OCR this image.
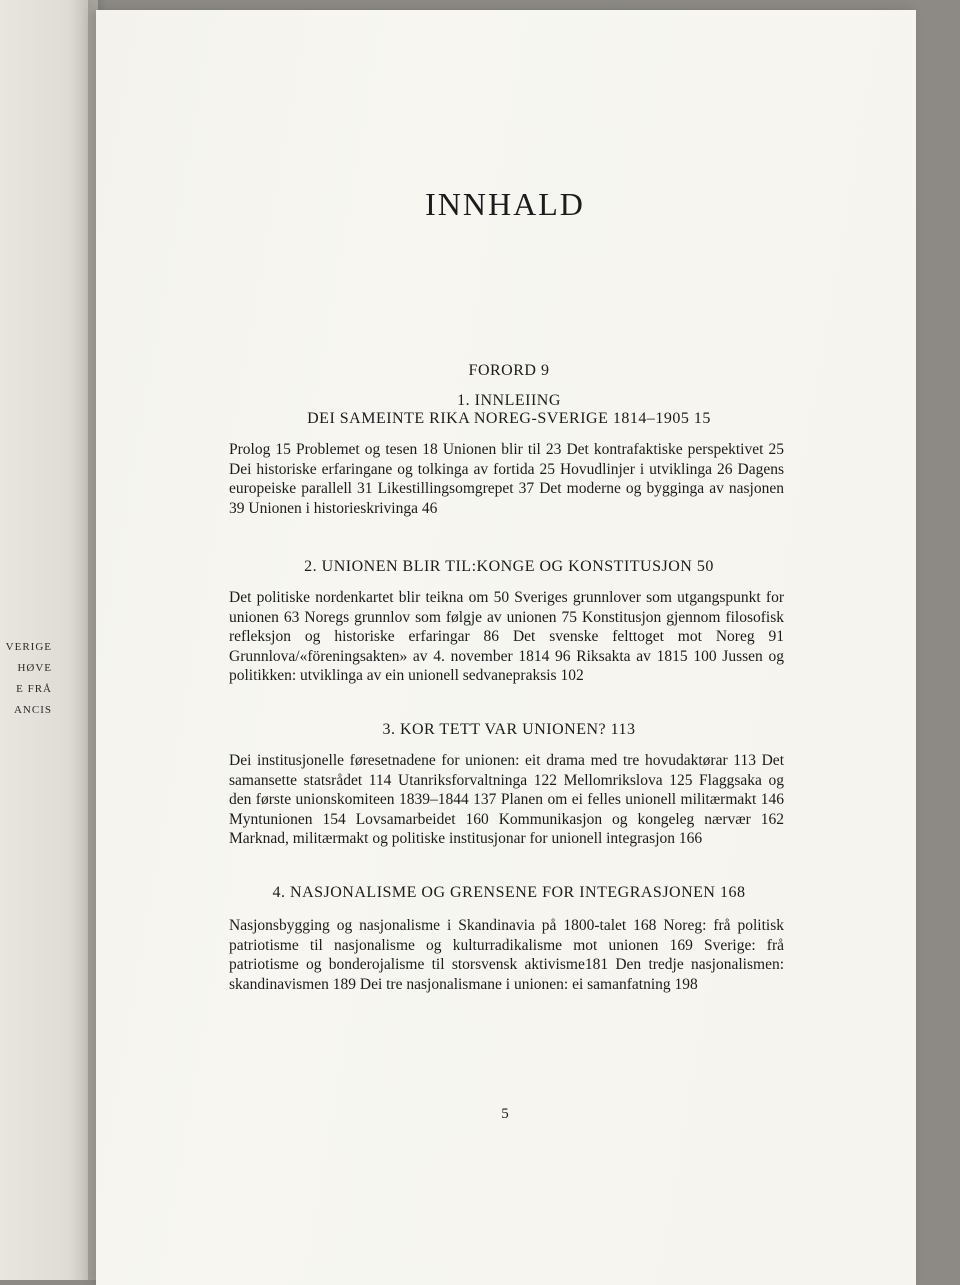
VERIGE
HØVE
E FRÅ
ANCIS
INNHALD
FORORD 9
1. INNLEIING
DEI SAMEINTE RIKA NOREG-SVERIGE 1814–1905 15

Prolog 15 Problemet og tesen 18 Unionen blir til 23 Det kontrafaktiske perspektivet 25 Dei historiske erfaringane og tolkinga av fortida 25 Hovudlinjer i utviklinga 26 Dagens europeiske parallell 31 Likestillingsomgrepet 37 Det moderne og bygginga av nasjonen 39 Unionen i historieskrivinga 46

2. UNIONEN BLIR TIL:KONGE OG KONSTITUSJON 50

Det politiske nordenkartet blir teikna om 50 Sveriges grunnlover som utgangspunkt for unionen 63 Noregs grunnlov som følgje av unionen 75 Konstitusjon gjennom filosofisk refleksjon og historiske erfaringar 86 Det svenske felttoget mot Noreg 91 Grunnlova/«föreningsakten» av 4. november 1814 96 Riksakta av 1815 100 Jussen og politikken: utviklinga av ein unionell sedvanepraksis 102

3. KOR TETT VAR UNIONEN? 113

Dei institusjonelle føresetnadene for unionen: eit drama med tre hovudaktørar 113 Det samansette statsrådet 114 Utanriksforvaltninga 122 Mellomrikslova 125 Flaggsaka og den første unionskomiteen 1839–1844 137 Planen om ei felles unionell militærmakt 146 Myntunionen 154 Lovsamarbeidet 160 Kommunikasjon og kongeleg nærvær 162 Marknad, militærmakt og politiske institusjonar for unionell integrasjon 166

4. NASJONALISME OG GRENSENE FOR INTEGRASJONEN 168

Nasjonsbygging og nasjonalisme i Skandinavia på 1800-talet 168 Noreg: frå politisk patriotisme til nasjonalisme og kulturradikalisme mot unionen 169 Sverige: frå patriotisme og bonderojalisme til storsvensk aktivisme181 Den tredje nasjonalismen: skandinavismen 189 Dei tre nasjonalismane i unionen: ei samanfatning 198

5
